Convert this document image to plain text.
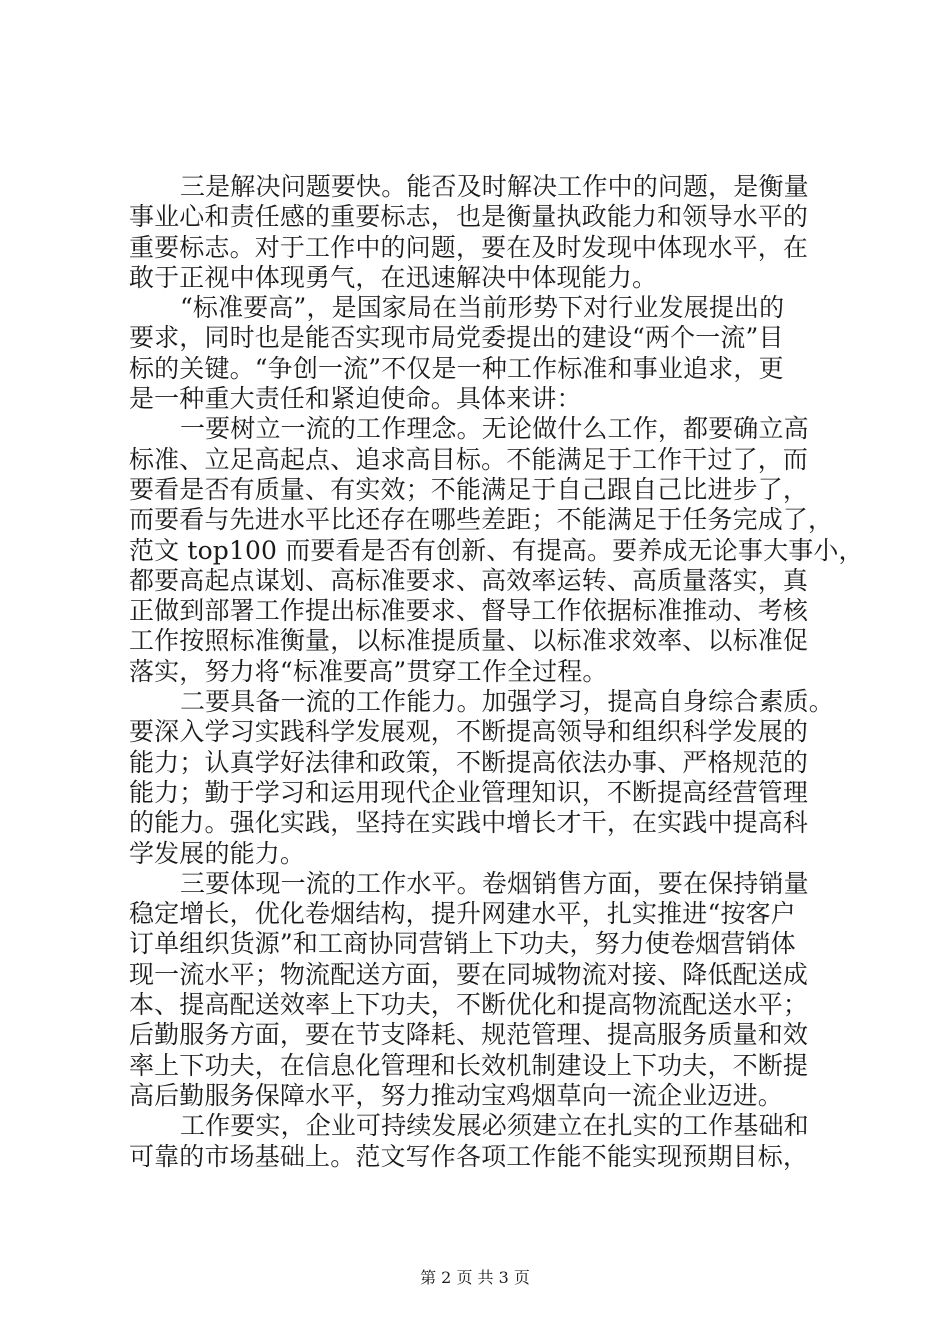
三是解决问题要快。能否及时解决工作中的问题，是衡量
事业心和责任感的重要标志，也是衡量执政能力和领导水平的
重要标志。对于工作中的问题，要在及时发现中体现水平，在
敢于正视中体现勇气，在迅速解决中体现能力。
“标准要高”，是国家局在当前形势下对行业发展提出的
要求，同时也是能否实现市局党委提出的建设“两个一流”目
标的关键。“争创一流”不仅是一种工作标准和事业追求，更
是一种重大责任和紧迫使命。具体来讲：
一要树立一流的工作理念。无论做什么工作，都要确立高
标准、立足高起点、追求高目标。不能满足于工作干过了，而
要看是否有质量、有实效；不能满足于自己跟自己比进步了，
而要看与先进水平比还存在哪些差距；不能满足于任务完成了，
范文 top100 而要看是否有创新、有提高。要养成无论事大事小，
都要高起点谋划、高标准要求、高效率运转、高质量落实，真
正做到部署工作提出标准要求、督导工作依据标准推动、考核
工作按照标准衡量，以标准提质量、以标准求效率、以标准促
落实，努力将“标准要高”贯穿工作全过程。
二要具备一流的工作能力。加强学习，提高自身综合素质。
要深入学习实践科学发展观，不断提高领导和组织科学发展的
能力；认真学好法律和政策，不断提高依法办事、严格规范的
能力；勤于学习和运用现代企业管理知识，不断提高经营管理
的能力。强化实践，坚持在实践中增长才干，在实践中提高科
学发展的能力。
三要体现一流的工作水平。卷烟销售方面，要在保持销量
稳定增长，优化卷烟结构，提升网建水平，扎实推进“按客户
订单组织货源”和工商协同营销上下功夫，努力使卷烟营销体
现一流水平；物流配送方面，要在同城物流对接、降低配送成
本、提高配送效率上下功夫，不断优化和提高物流配送水平；
后勤服务方面，要在节支降耗、规范管理、提高服务质量和效
率上下功夫，在信息化管理和长效机制建设上下功夫，不断提
高后勤服务保障水平，努力推动宝鸡烟草向一流企业迈进。
工作要实，企业可持续发展必须建立在扎实的工作基础和
可靠的市场基础上。范文写作各项工作能不能实现预期目标，
第 2 页 共 3 页
